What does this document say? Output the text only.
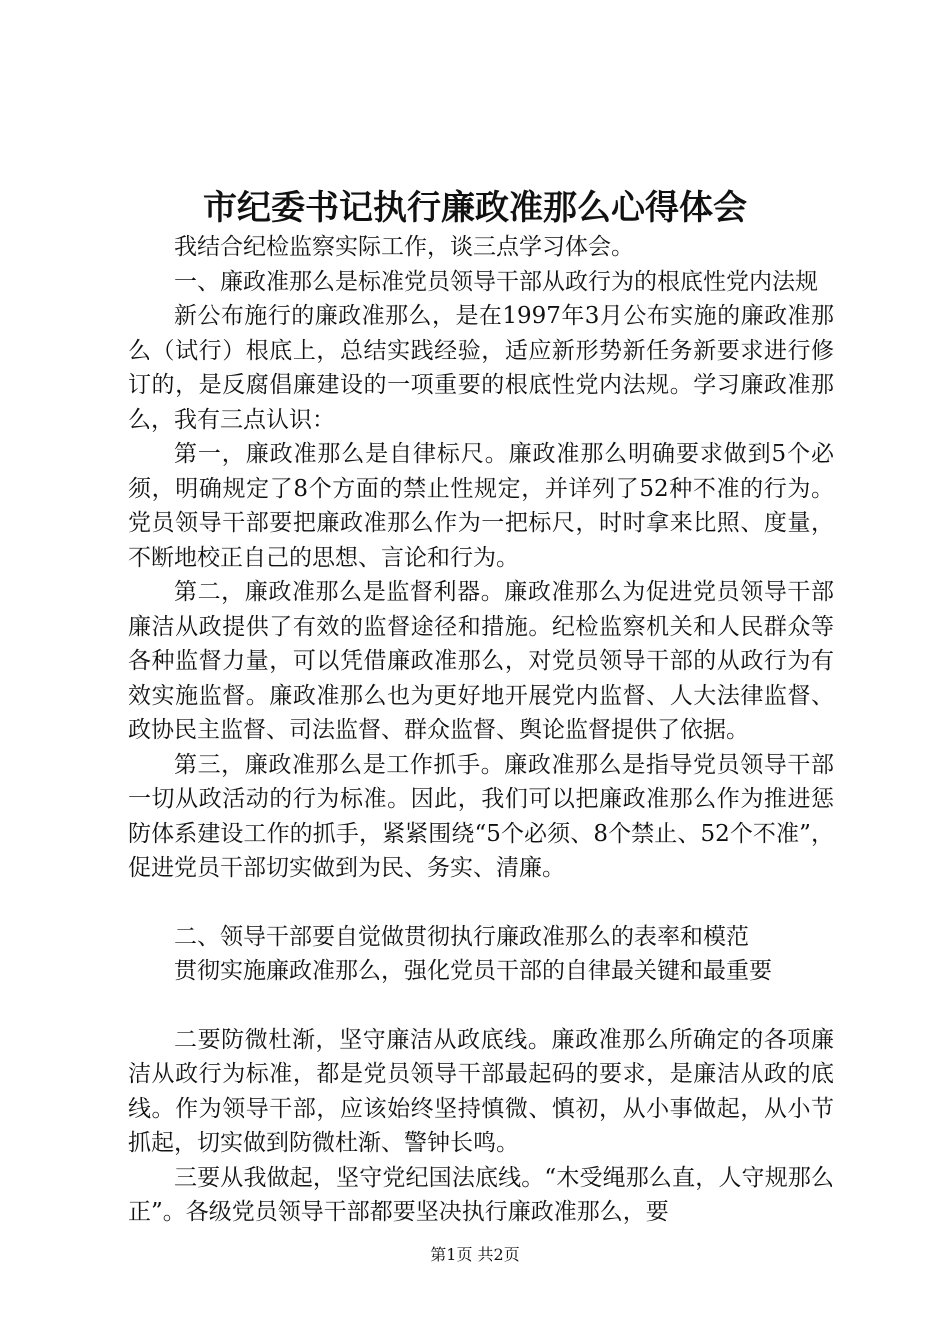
市纪委书记执行廉政准那么心得体会

我结合纪检监察实际工作，谈三点学习体会。

一、廉政准那么是标准党员领导干部从政行为的根底性党内法规

新公布施行的廉政准那么，是在1997年3月公布实施的廉政准那么（试行）根底上，总结实践经验，适应新形势新任务新要求进行修订的，是反腐倡廉建设的一项重要的根底性党内法规。学习廉政准那么，我有三点认识：

第一，廉政准那么是自律标尺。廉政准那么明确要求做到5个必须，明确规定了8个方面的禁止性规定，并详列了52种不准的行为。党员领导干部要把廉政准那么作为一把标尺，时时拿来比照、度量，不断地校正自己的思想、言论和行为。

第二，廉政准那么是监督利器。廉政准那么为促进党员领导干部廉洁从政提供了有效的监督途径和措施。纪检监察机关和人民群众等各种监督力量，可以凭借廉政准那么，对党员领导干部的从政行为有效实施监督。廉政准那么也为更好地开展党内监督、人大法律监督、政协民主监督、司法监督、群众监督、舆论监督提供了依据。

第三，廉政准那么是工作抓手。廉政准那么是指导党员领导干部一切从政活动的行为标准。因此，我们可以把廉政准那么作为推进惩防体系建设工作的抓手，紧紧围绕“5个必须、8个禁止、52个不准”，促进党员干部切实做到为民、务实、清廉。

二、领导干部要自觉做贯彻执行廉政准那么的表率和模范

贯彻实施廉政准那么，强化党员干部的自律最关键和最重要

二要防微杜渐，坚守廉洁从政底线。廉政准那么所确定的各项廉洁从政行为标准，都是党员领导干部最起码的要求，是廉洁从政的底线。作为领导干部，应该始终坚持慎微、慎初，从小事做起，从小节抓起，切实做到防微杜渐、警钟长鸣。

三要从我做起，坚守党纪国法底线。“木受绳那么直，人守规那么正”。各级党员领导干部都要坚决执行廉政准那么，要

第1页 共2页
